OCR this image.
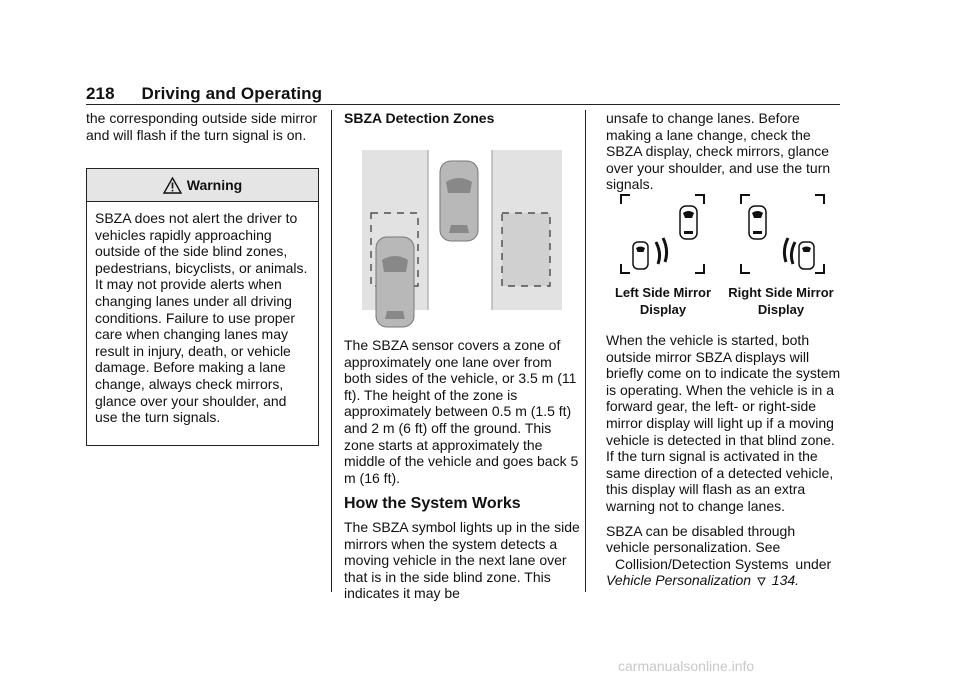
218 Driving and Operating

the corresponding outside side mirror and will flash if the turn signal is on.

Warning
SBZA does not alert the driver to vehicles rapidly approaching outside of the side blind zones, pedestrians, bicyclists, or animals. It may not provide alerts when changing lanes under all driving conditions. Failure to use proper care when changing lanes may result in injury, death, or vehicle damage. Before making a lane change, always check mirrors, glance over your shoulder, and use the turn signals.

SBZA Detection Zones

The SBZA sensor covers a zone of approximately one lane over from both sides of the vehicle, or 3.5 m (11 ft). The height of the zone is approximately between 0.5 m (1.5 ft) and 2 m (6 ft) off the ground. This zone starts at approximately the middle of the vehicle and goes back 5 m (16 ft).

How the System Works

The SBZA symbol lights up in the side mirrors when the system detects a moving vehicle in the next lane over that is in the side blind zone. This indicates it may be

unsafe to change lanes. Before making a lane change, check the SBZA display, check mirrors, glance over your shoulder, and use the turn signals.

Left Side Mirror
Display
Right Side Mirror
Display

When the vehicle is started, both outside mirror SBZA displays will briefly come on to indicate the system is operating. When the vehicle is in a forward gear, the left- or right-side mirror display will light up if a moving vehicle is detected in that blind zone. If the turn signal is activated in the same direction of a detected vehicle, this display will flash as an extra warning not to change lanes.

SBZA can be disabled through vehicle personalization. See
Collision/Detection Systems under
Vehicle Personalization 134.

carmanualsonline.info
